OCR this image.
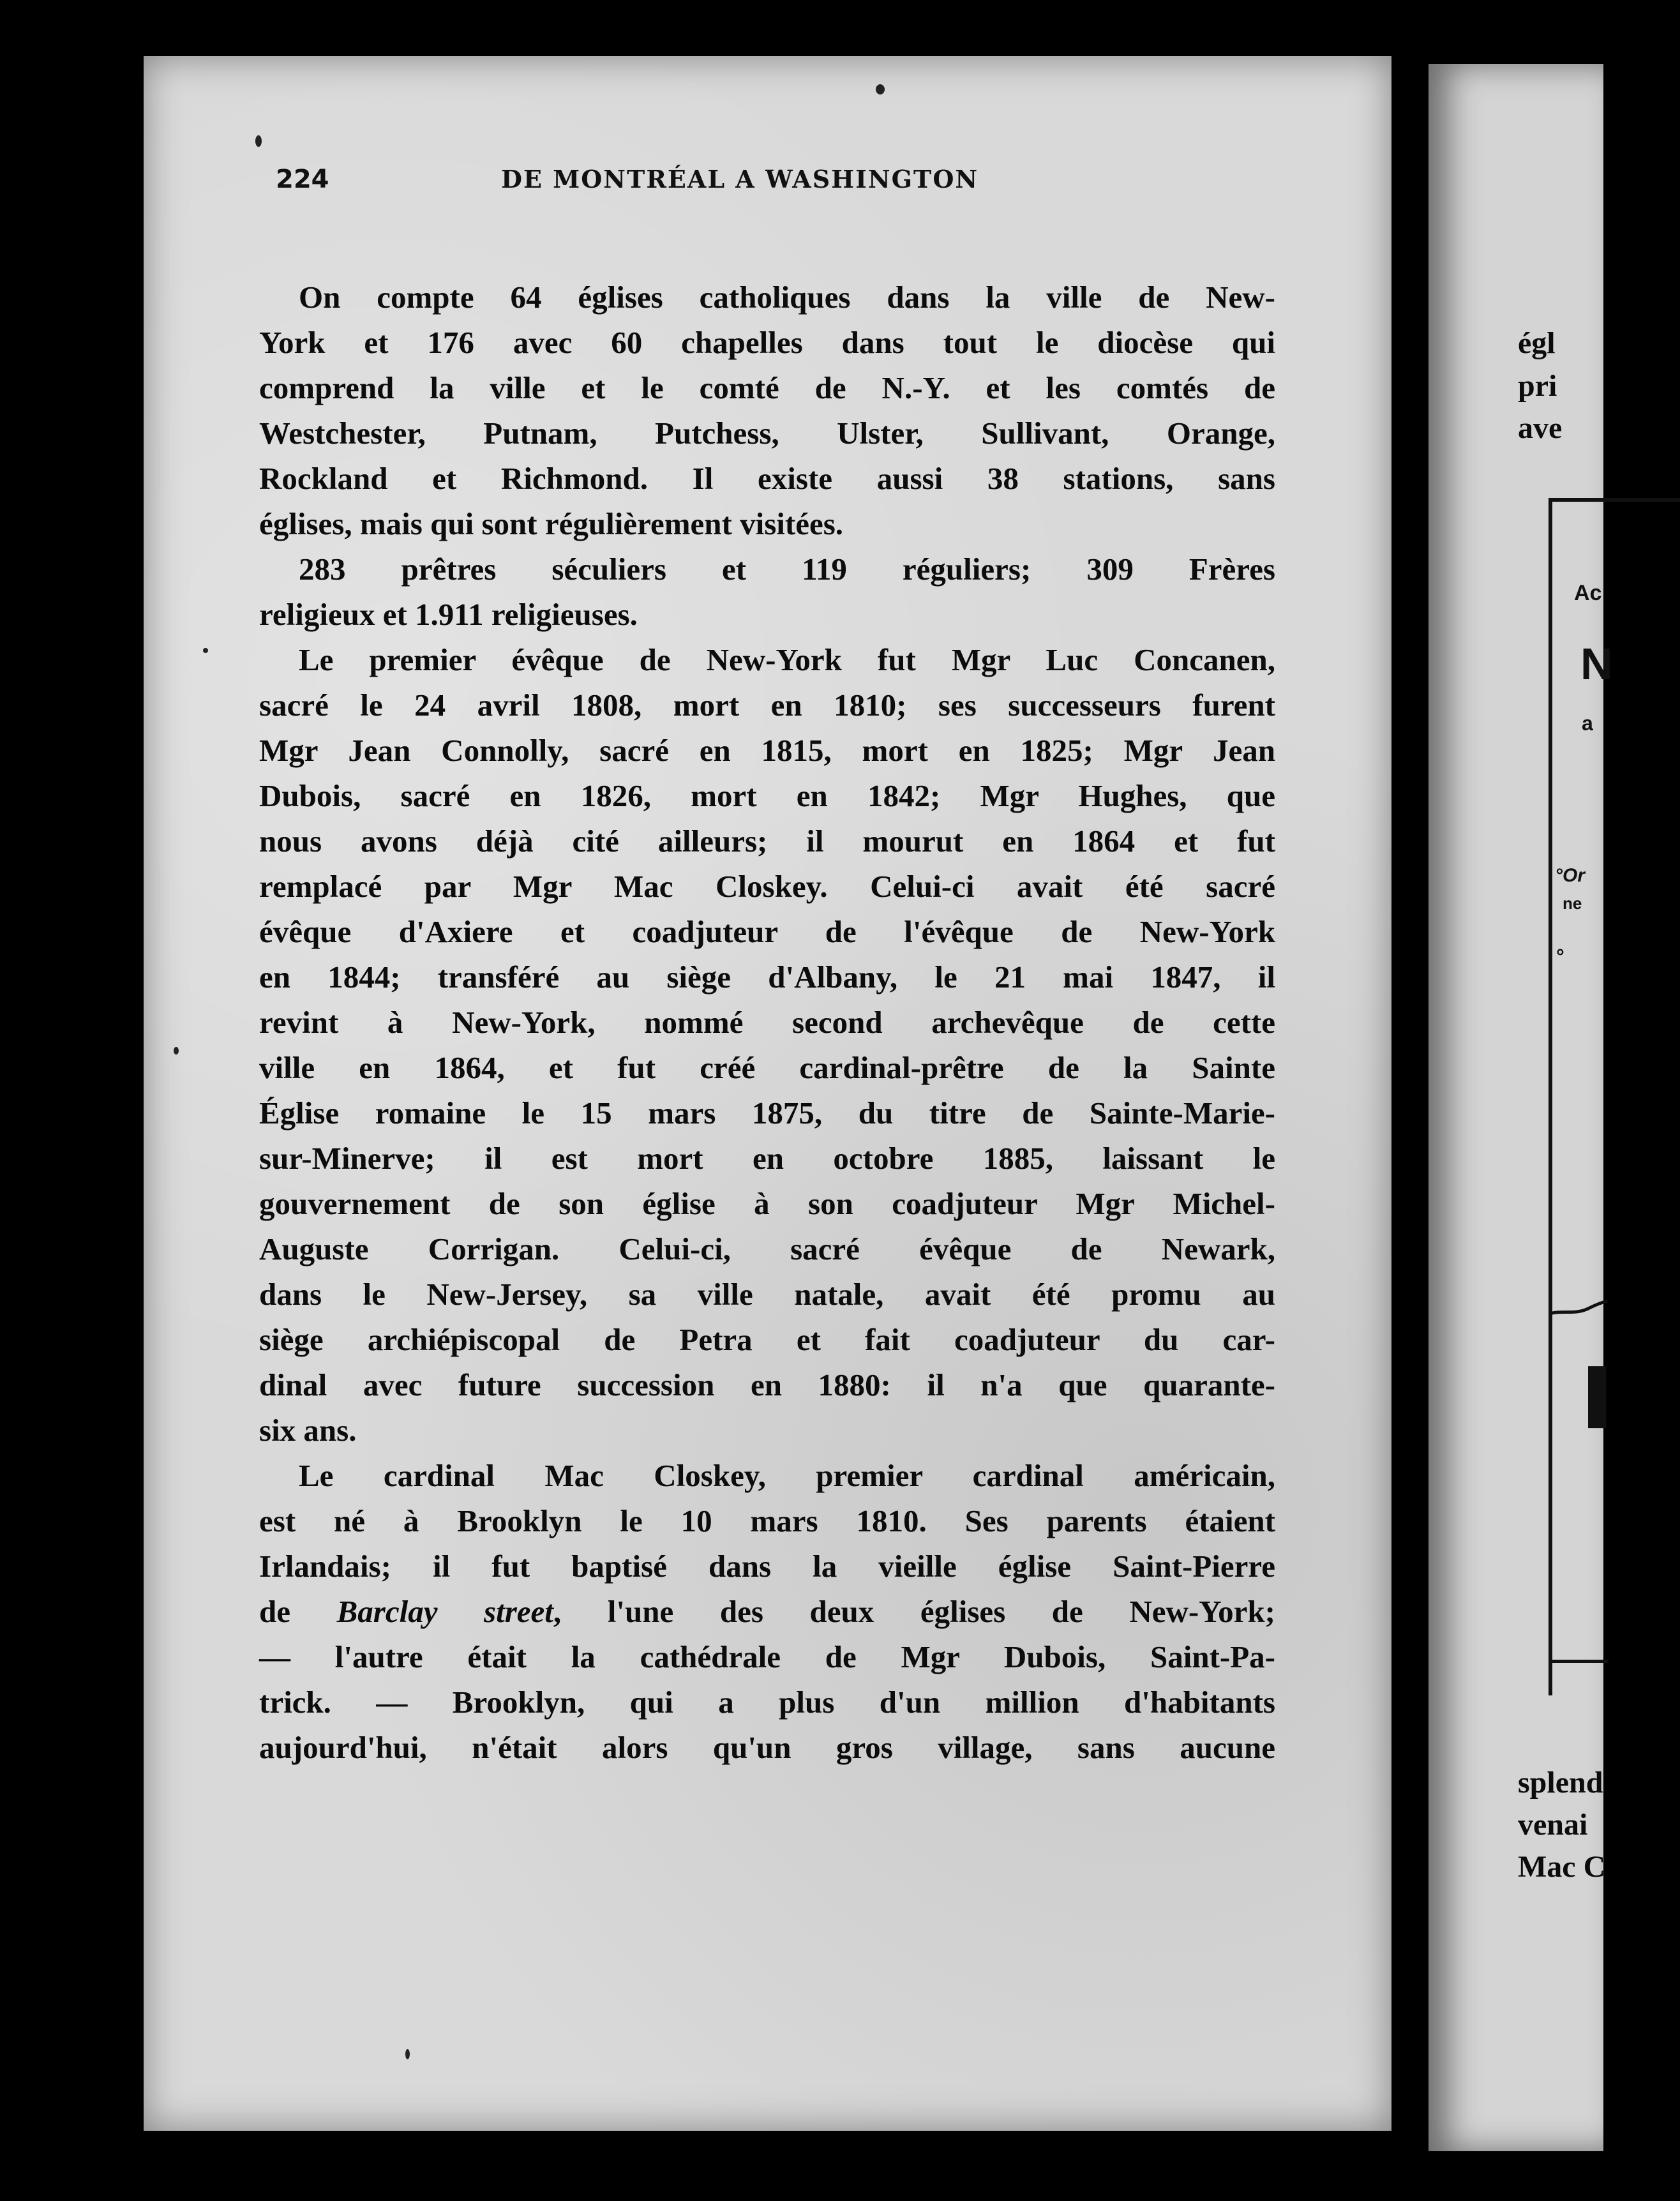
égl
pri
ave
Ac
N
a
°Or
ne
°
▌
splend
venai
Mac C
224	DE MONTRÉAL A WASHINGTON
On compte 64 églises catholiques dans la ville de New-
York et 176 avec 60 chapelles dans tout le diocèse qui
comprend la ville et le comté de N.-Y. et les comtés de
Westchester, Putnam, Putchess, Ulster, Sullivant, Orange,
Rockland et Richmond. Il existe aussi 38 stations, sans
églises, mais qui sont régulièrement visitées.
283 prêtres séculiers et 119 réguliers; 309 Frères
religieux et 1.911 religieuses.
Le premier évêque de New-York fut Mgr Luc Concanen,
sacré le 24 avril 1808, mort en 1810; ses successeurs furent
Mgr Jean Connolly, sacré en 1815, mort en 1825; Mgr Jean
Dubois, sacré en 1826, mort en 1842; Mgr Hughes, que
nous avons déjà cité ailleurs; il mourut en 1864 et fut
remplacé par Mgr Mac Closkey. Celui-ci avait été sacré
évêque d'Axiere et coadjuteur de l'évêque de New-York
en 1844; transféré au siège d'Albany, le 21 mai 1847, il
revint à New-York, nommé second archevêque de cette
ville en 1864, et fut créé cardinal-prêtre de la Sainte
Église romaine le 15 mars 1875, du titre de Sainte-Marie-
sur-Minerve; il est mort en octobre 1885, laissant le
gouvernement de son église à son coadjuteur Mgr Michel-
Auguste Corrigan. Celui-ci, sacré évêque de Newark,
dans le New-Jersey, sa ville natale, avait été promu au
siège archiépiscopal de Petra et fait coadjuteur du car-
dinal avec future succession en 1880: il n'a que quarante-
six ans.
Le cardinal Mac Closkey, premier cardinal américain,
est né à Brooklyn le 10 mars 1810. Ses parents étaient
Irlandais; il fut baptisé dans la vieille église Saint-Pierre
de Barclay street, l'une des deux églises de New-York;
— l'autre était la cathédrale de Mgr Dubois, Saint-Pa-
trick. — Brooklyn, qui a plus d'un million d'habitants
aujourd'hui, n'était alors qu'un gros village, sans aucune
